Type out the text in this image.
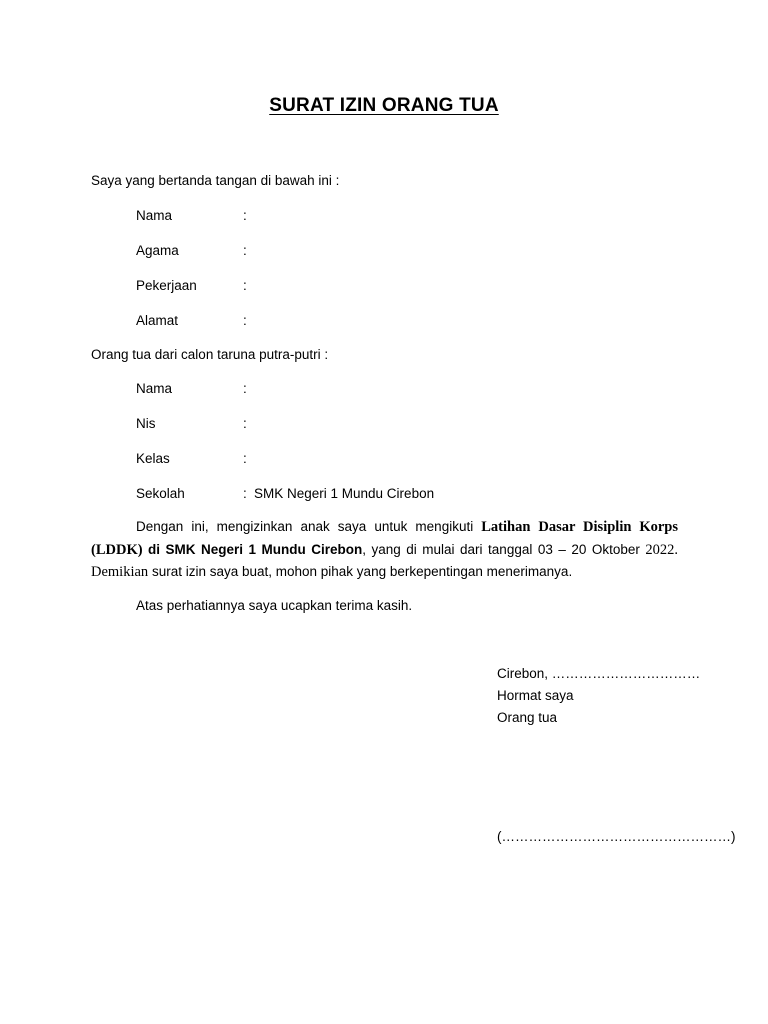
SURAT IZIN ORANG TUA
Saya yang bertanda tangan di bawah ini :
Nama	:
Agama	:
Pekerjaan	:
Alamat	:
Orang tua dari calon taruna putra-putri :
Nama	:
Nis	:
Kelas	:
Sekolah	: SMK Negeri 1 Mundu Cirebon
Dengan ini, mengizinkan anak saya untuk mengikuti Latihan Dasar Disiplin Korps (LDDK) di SMK Negeri 1 Mundu Cirebon, yang di mulai dari tanggal 03 – 20 Oktober 2022. Demikian surat izin saya buat, mohon pihak yang berkepentingan menerimanya.
Atas perhatiannya saya ucapkan terima kasih.
Cirebon, ……………………………
Hormat saya
Orang tua
(……………………………………………)
